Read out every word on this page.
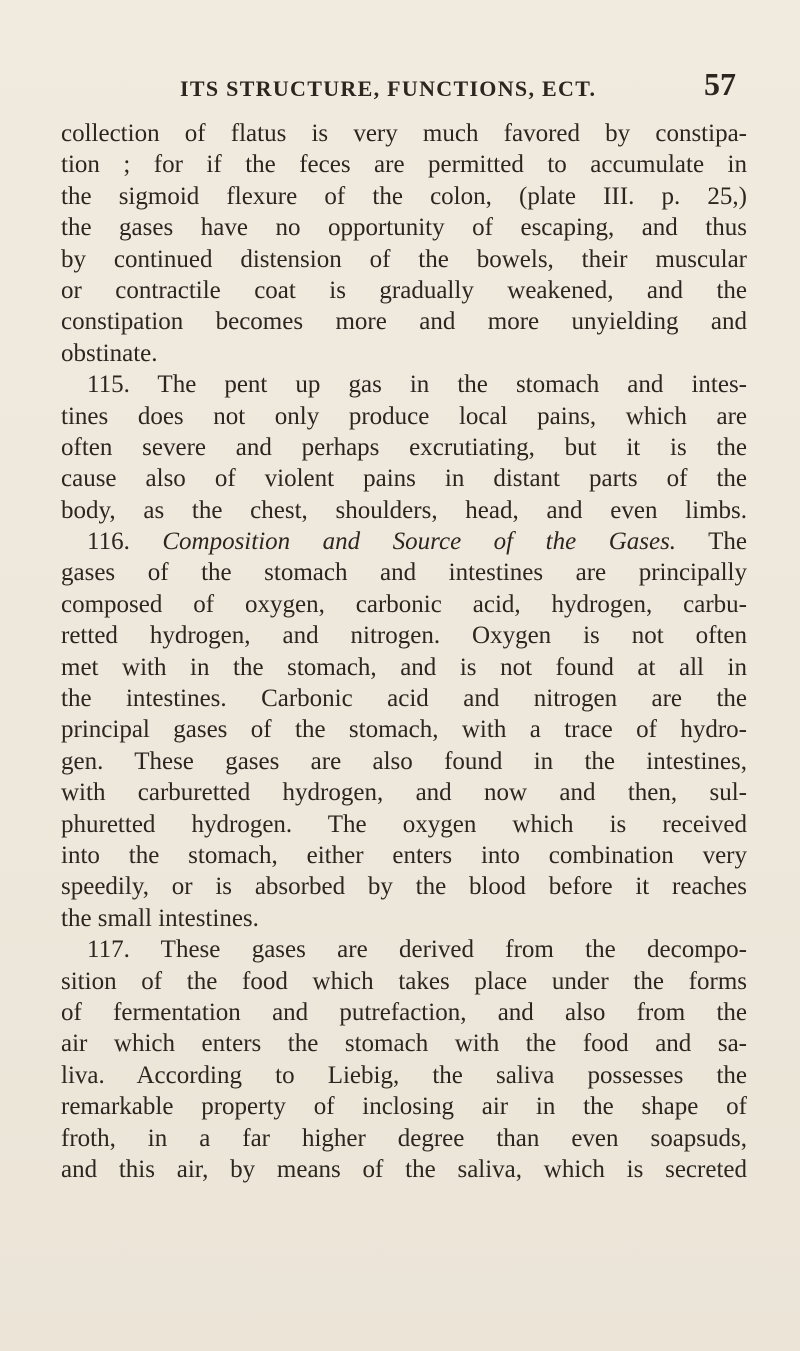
ITS STRUCTURE, FUNCTIONS, ECT.	57
collection of flatus is very much favored by constipa-
tion ; for if the feces are permitted to accumulate in
the sigmoid flexure of the colon, (plate III. p. 25,)
the gases have no opportunity of escaping, and thus
by continued distension of the bowels, their muscular
or contractile coat is gradually weakened, and the
constipation becomes more and more unyielding and
obstinate.
115. The pent up gas in the stomach and intes-
tines does not only produce local pains, which are
often severe and perhaps excrutiating, but it is the
cause also of violent pains in distant parts of the
body, as the chest, shoulders, head, and even limbs.
116. Composition and Source of the Gases. The
gases of the stomach and intestines are principally
composed of oxygen, carbonic acid, hydrogen, carbu-
retted hydrogen, and nitrogen. Oxygen is not often
met with in the stomach, and is not found at all in
the intestines. Carbonic acid and nitrogen are the
principal gases of the stomach, with a trace of hydro-
gen. These gases are also found in the intestines,
with carburetted hydrogen, and now and then, sul-
phuretted hydrogen. The oxygen which is received
into the stomach, either enters into combination very
speedily, or is absorbed by the blood before it reaches
the small intestines.
117. These gases are derived from the decompo-
sition of the food which takes place under the forms
of fermentation and putrefaction, and also from the
air which enters the stomach with the food and sa-
liva. According to Liebig, the saliva possesses the
remarkable property of inclosing air in the shape of
froth, in a far higher degree than even soapsuds,
and this air, by means of the saliva, which is secreted
